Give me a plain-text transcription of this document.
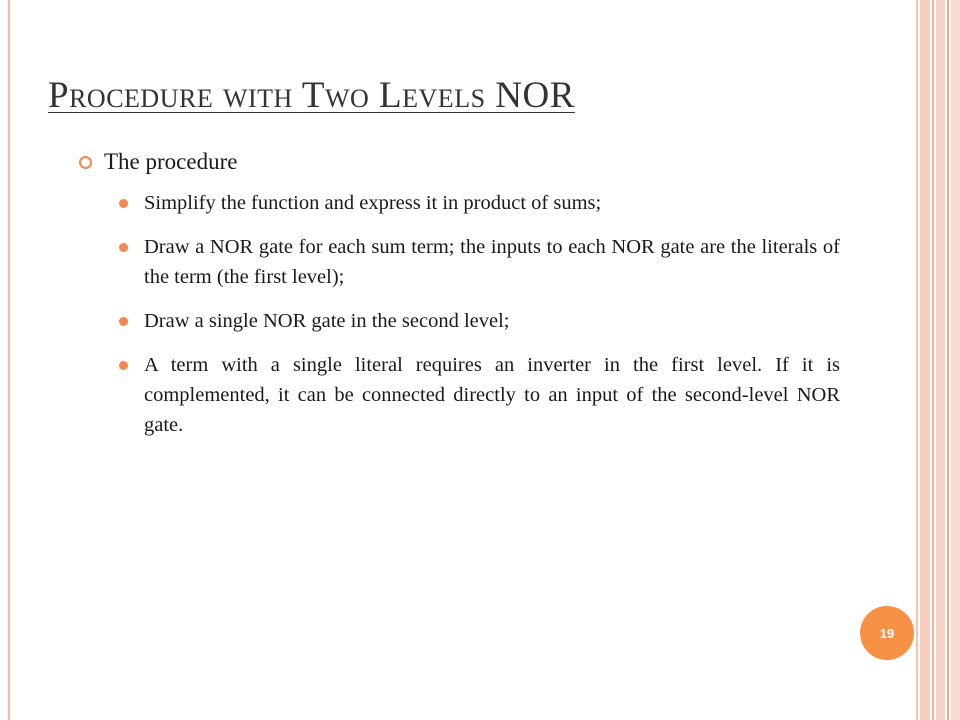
Procedure with Two Levels NOR
The procedure
Simplify the function and express it in product of sums;
Draw a NOR gate for each sum term; the inputs to each NOR gate are the literals of the term (the first level);
Draw a single NOR gate in the second level;
A term with a single literal requires an inverter in the first level. If it is complemented, it can be connected directly to an input of the second-level NOR gate.
19
